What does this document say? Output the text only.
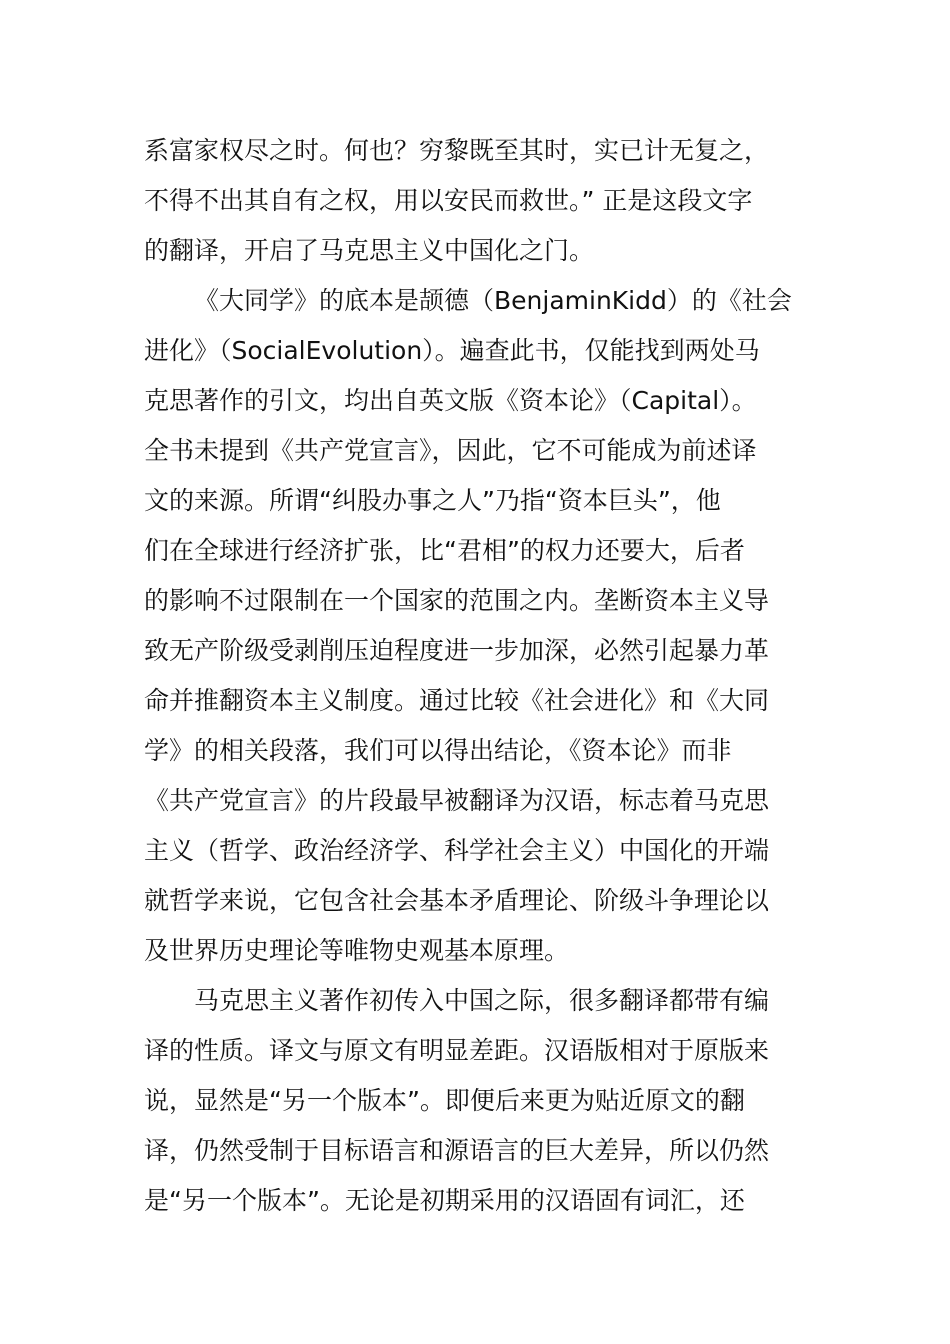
系富家权尽之时。何也？穷黎既至其时，实已计无复之，
不得不出其自有之权，用以安民而救世。” 正是这段文字
的翻译，开启了马克思主义中国化之门。
《大同学》的底本是颉德（BenjaminKidd）的《社会
进化》（SocialEvolution）。遍查此书，仅能找到两处马
克思著作的引文，均出自英文版《资本论》（Capital）。
全书未提到《共产党宣言》，因此，它不可能成为前述译
文的来源。所谓“纠股办事之人”乃指“资本巨头”，他
们在全球进行经济扩张，比“君相”的权力还要大，后者
的影响不过限制在一个国家的范围之内。垄断资本主义导
致无产阶级受剥削压迫程度进一步加深，必然引起暴力革
命并推翻资本主义制度。通过比较《社会进化》和《大同
学》的相关段落，我们可以得出结论，《资本论》而非
《共产党宣言》的片段最早被翻译为汉语，标志着马克思
主义（哲学、政治经济学、科学社会主义）中国化的开端
就哲学来说，它包含社会基本矛盾理论、阶级斗争理论以
及世界历史理论等唯物史观基本原理。
马克思主义著作初传入中国之际，很多翻译都带有编
译的性质。译文与原文有明显差距。汉语版相对于原版来
说，显然是“另一个版本”。即便后来更为贴近原文的翻
译，仍然受制于目标语言和源语言的巨大差异，所以仍然
是“另一个版本”。无论是初期采用的汉语固有词汇，还
